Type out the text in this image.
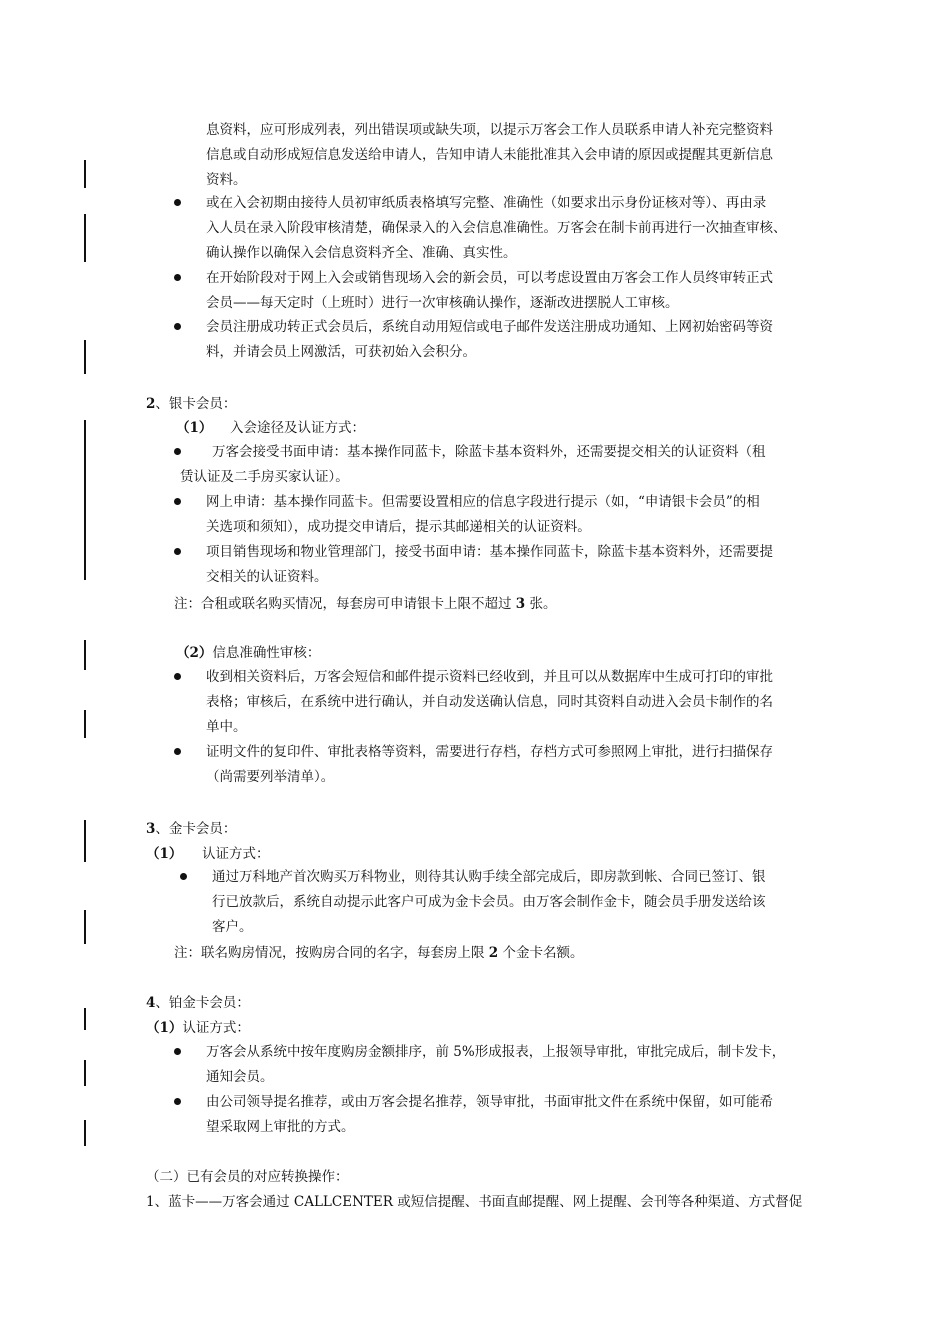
息资料，应可形成列表，列出错误项或缺失项，以提示万客会工作人员联系申请人补充完整资料
信息或自动形成短信息发送给申请人，告知申请人未能批准其入会申请的原因或提醒其更新信息
资料。
或在入会初期由接待人员初审纸质表格填写完整、准确性（如要求出示身份证核对等）、再由录
入人员在录入阶段审核清楚，确保录入的入会信息准确性。万客会在制卡前再进行一次抽查审核、
确认操作以确保入会信息资料齐全、准确、真实性。
在开始阶段对于网上入会或销售现场入会的新会员，可以考虑设置由万客会工作人员终审转正式
会员——每天定时（上班时）进行一次审核确认操作，逐渐改进摆脱人工审核。
会员注册成功转正式会员后，系统自动用短信或电子邮件发送注册成功通知、上网初始密码等资
料，并请会员上网激活，可获初始入会积分。
2、银卡会员：
（1） 入会途径及认证方式：
万客会接受书面申请：基本操作同蓝卡，除蓝卡基本资料外，还需要提交相关的认证资料（租
赁认证及二手房买家认证）。
网上申请：基本操作同蓝卡。但需要设置相应的信息字段进行提示（如，“申请银卡会员”的相
关选项和须知），成功提交申请后，提示其邮递相关的认证资料。
项目销售现场和物业管理部门，接受书面申请：基本操作同蓝卡，除蓝卡基本资料外，还需要提
交相关的认证资料。
注：合租或联名购买情况，每套房可申请银卡上限不超过 3 张。
（2）信息准确性审核：
收到相关资料后，万客会短信和邮件提示资料已经收到，并且可以从数据库中生成可打印的审批
表格；审核后，在系统中进行确认，并自动发送确认信息，同时其资料自动进入会员卡制作的名
单中。
证明文件的复印件、审批表格等资料，需要进行存档，存档方式可参照网上审批，进行扫描保存
（尚需要列举清单）。
3、金卡会员：
（1） 认证方式：
通过万科地产首次购买万科物业，则待其认购手续全部完成后，即房款到帐、合同已签订、银
行已放款后，系统自动提示此客户可成为金卡会员。由万客会制作金卡，随会员手册发送给该
客户。
注：联名购房情况，按购房合同的名字，每套房上限 2 个金卡名额。
4、铂金卡会员：
（1）认证方式：
万客会从系统中按年度购房金额排序，前 5%形成报表，上报领导审批，审批完成后，制卡发卡，
通知会员。
由公司领导提名推荐，或由万客会提名推荐，领导审批，书面审批文件在系统中保留，如可能希
望采取网上审批的方式。
（二）已有会员的对应转换操作：
1、蓝卡——万客会通过 CALLCENTER 或短信提醒、书面直邮提醒、网上提醒、会刊等各种渠道、方式督促
